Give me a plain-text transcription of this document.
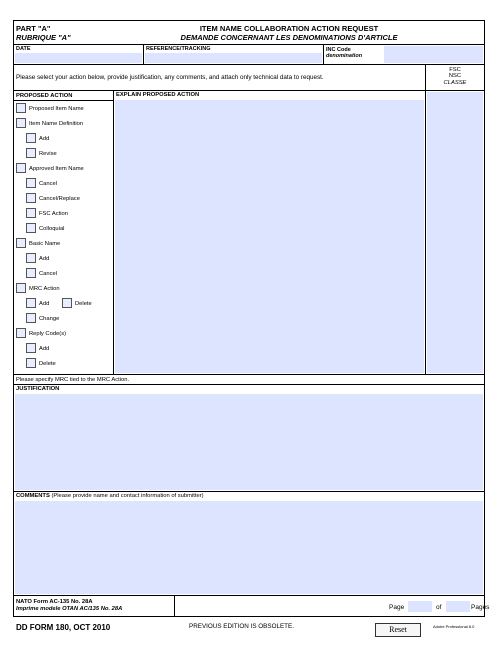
PART "A"
RUBRIQUE "A"
ITEM NAME COLLABORATION ACTION REQUEST
DEMANDE CONCERNANT LES DENOMINATIONS D'ARTICLE
DATE	REFERENCE/TRACKING	INC Code
denomination
Please select your action below, provide justification, any comments, and attach only technical data to request.
FSC
NSC
CLASSE
PROPOSED ACTION
Proposed Item Name
Item Name Definition
Add
Revise
Approved Item Name
Cancel
Cancel/Replace
FSC Action
Colloquial
Basic Name
Add
Cancel
MRC Action
Add	Delete
Change
Reply Code(s)
Add
Delete
EXPLAIN PROPOSED ACTION
Please specify MRC tied to the MRC Action.
JUSTIFICATION
COMMENTS (Please provide name and contact information of submitter)
NATO Form AC-135 No. 28A
Imprime modele OTAN AC/135 No. 28A	Page	of	Pages
DD FORM 180, OCT 2010	PREVIOUS EDITION IS OBSOLETE.	Reset	Adobe Professional 8.0
